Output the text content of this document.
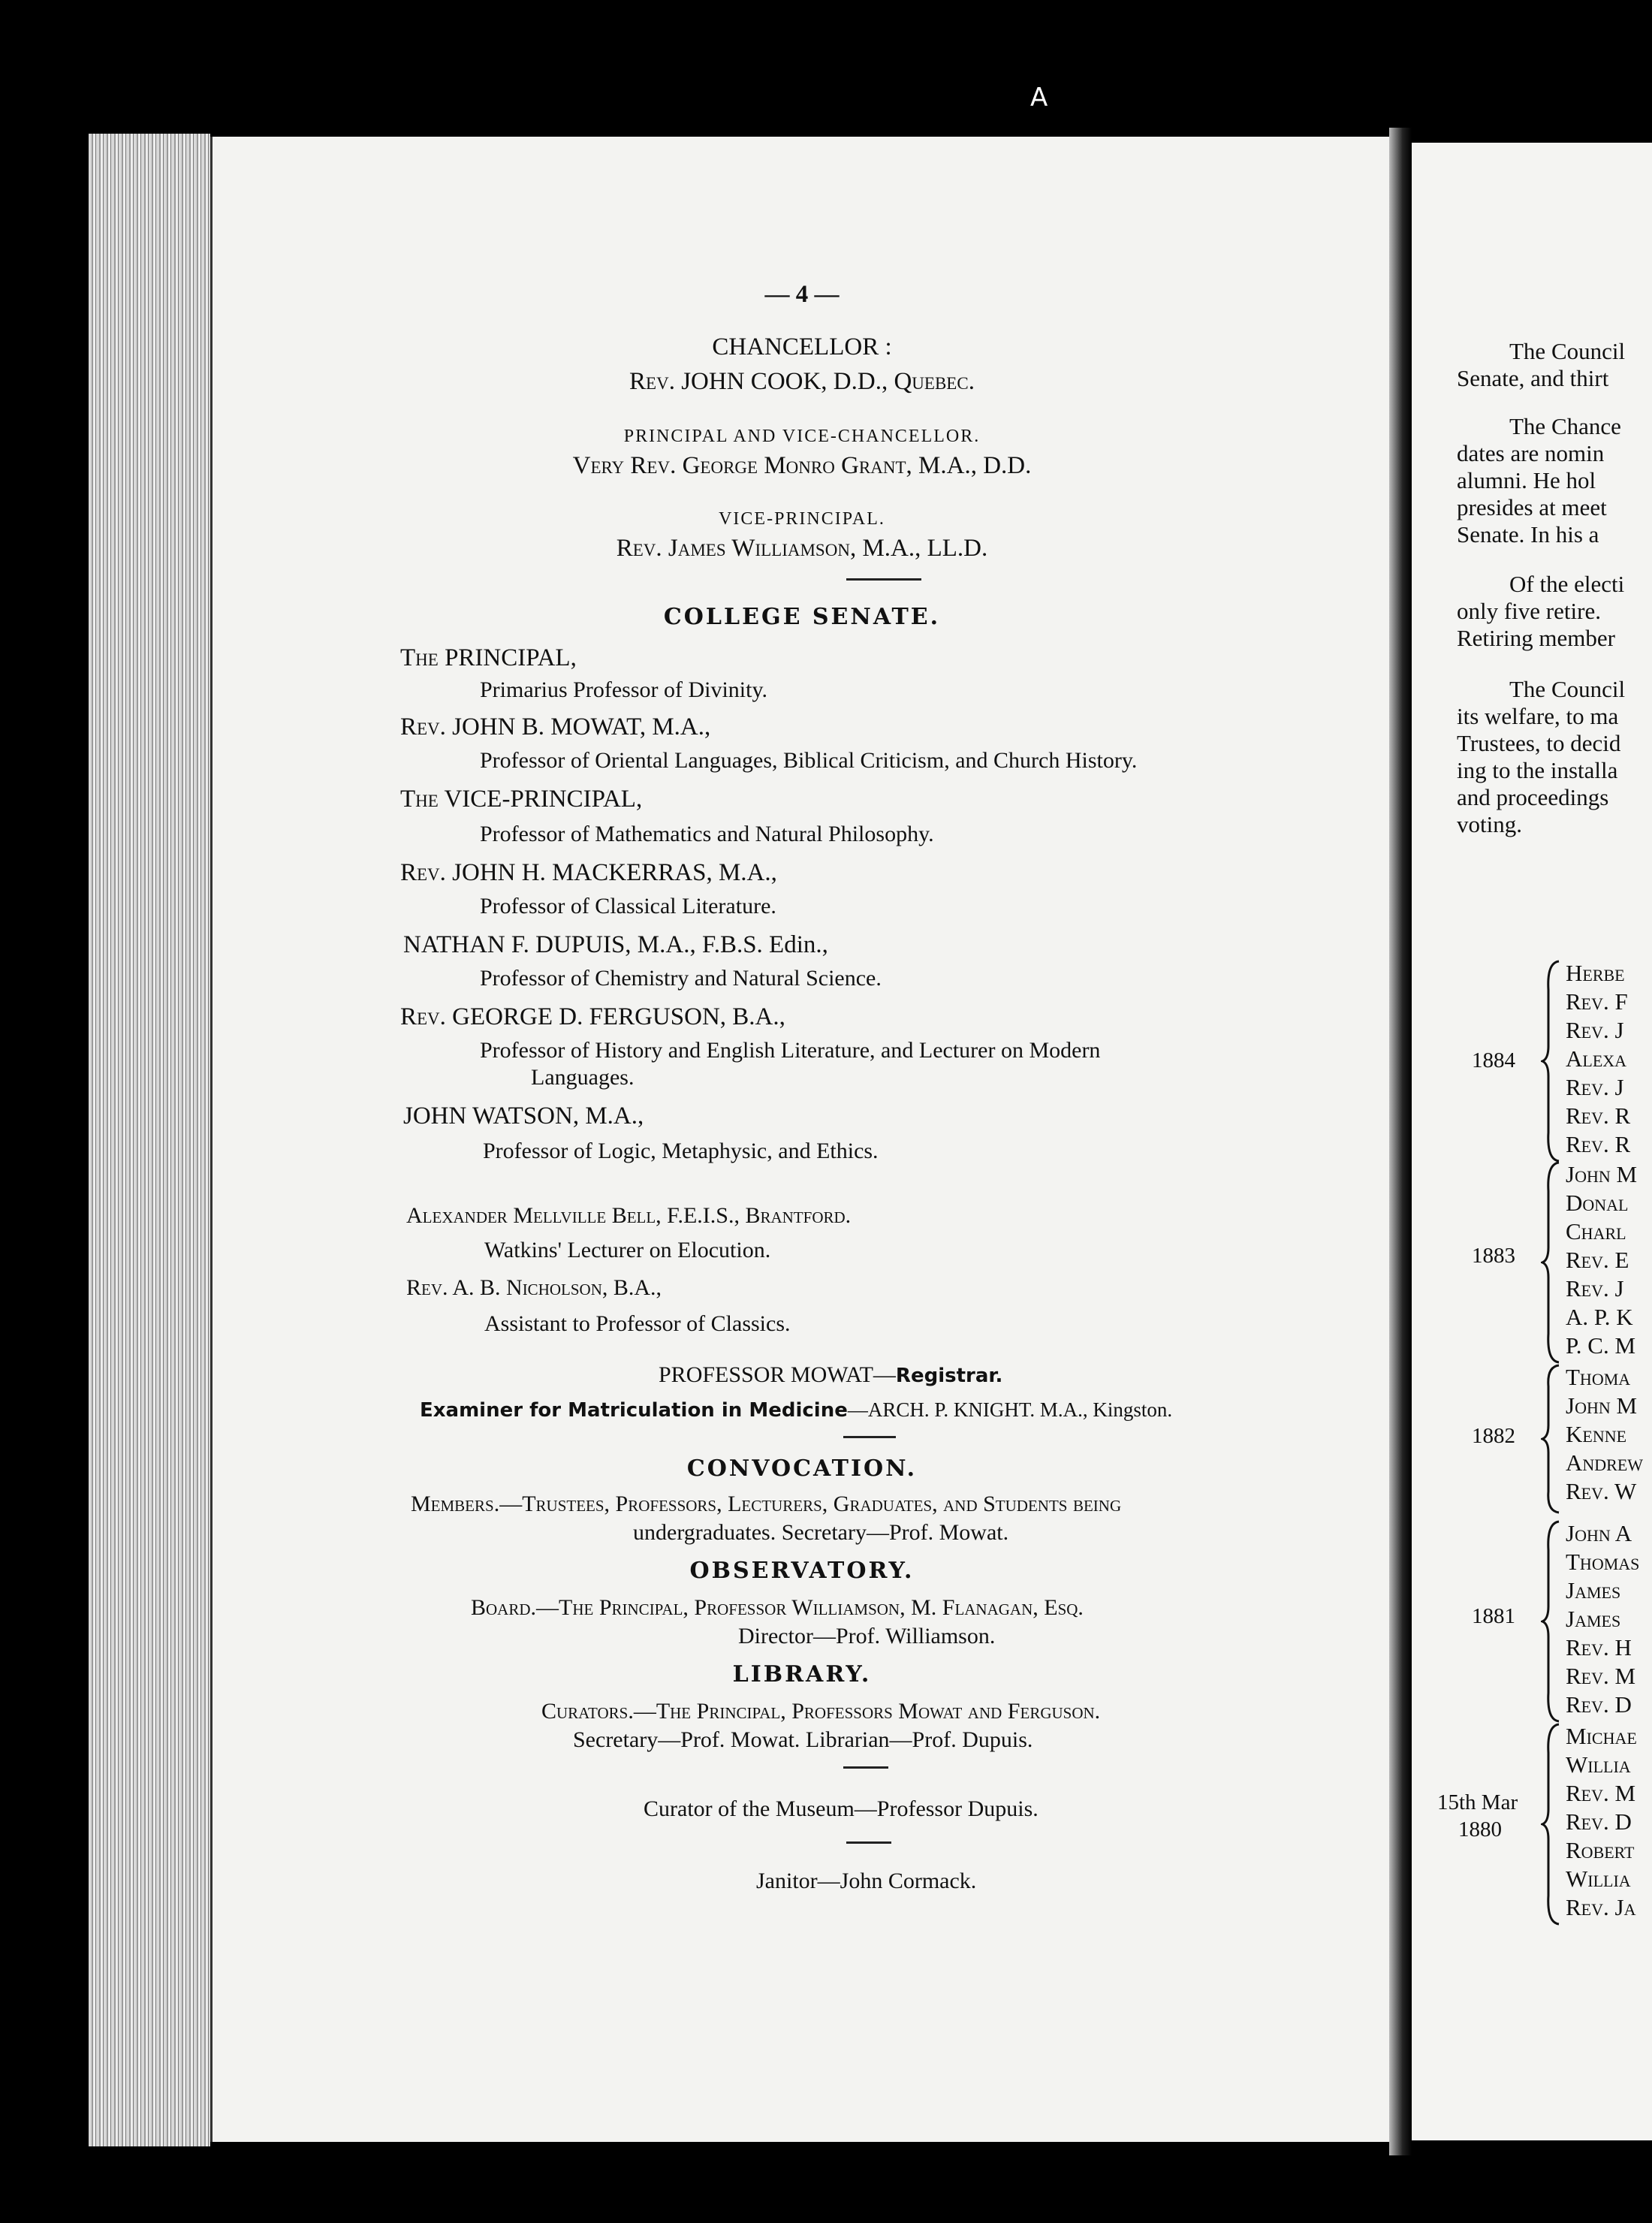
A
— 4 —
CHANCELLOR :
Rev. JOHN COOK, D.D., Quebec.
PRINCIPAL AND VICE-CHANCELLOR.
Very Rev. George Monro Grant, M.A., D.D.
VICE-PRINCIPAL.
Rev. James Williamson, M.A., LL.D.
COLLEGE SENATE.
The PRINCIPAL,
Primarius Professor of Divinity.
Rev. JOHN B. MOWAT, M.A.,
Professor of Oriental Languages, Biblical Criticism, and Church History.
The VICE-PRINCIPAL,
Professor of Mathematics and Natural Philosophy.
Rev. JOHN H. MACKERRAS, M.A.,
Professor of Classical Literature.
NATHAN F. DUPUIS, M.A., F.B.S. Edin.,
Professor of Chemistry and Natural Science.
Rev. GEORGE D. FERGUSON, B.A.,
Professor of History and English Literature, and Lecturer on Modern
Languages.
JOHN WATSON, M.A.,
Professor of Logic, Metaphysic, and Ethics.
Alexander Mellville Bell, F.E.I.S., Brantford.
Watkins' Lecturer on Elocution.
Rev. A. B. Nicholson, B.A.,
Assistant to Professor of Classics.
PROFESSOR MOWAT—Registrar.
Examiner for Matriculation in Medicine—ARCH. P. KNIGHT. M.A., Kingston.
CONVOCATION.
Members.—Trustees, Professors, Lecturers, Graduates, and Students being
undergraduates. Secretary—Prof. Mowat.
OBSERVATORY.
Board.—The Principal, Professor Williamson, M. Flanagan, Esq.
Director—Prof. Williamson.
LIBRARY.
Curators.—The Principal, Professors Mowat and Ferguson.
Secretary—Prof. Mowat. Librarian—Prof. Dupuis.
Curator of the Museum—Professor Dupuis.
Janitor—John Cormack.
The Council
Senate, and thirt
The Chance
dates are nomin
alumni. He hol
presides at meet
Senate. In his a
Of the electi
only five retire.
Retiring member
The Council
its welfare, to ma
Trustees, to decid
ing to the installa
and proceedings
voting.
1884
Herbe
Rev. F
Rev. J
Alexa
Rev. J
Rev. R
Rev. R
1883
John M
Donal
Charl
Rev. E
Rev. J
A. P. K
P. C. M
1882
Thoma
John M
Kenne
Andrew
Rev. W
1881
John A
Thomas
James
James
Rev. H
Rev. M
Rev. D
15th Mar
1880
Michae
Willia
Rev. M
Rev. D
Robert
Willia
Rev. Ja
